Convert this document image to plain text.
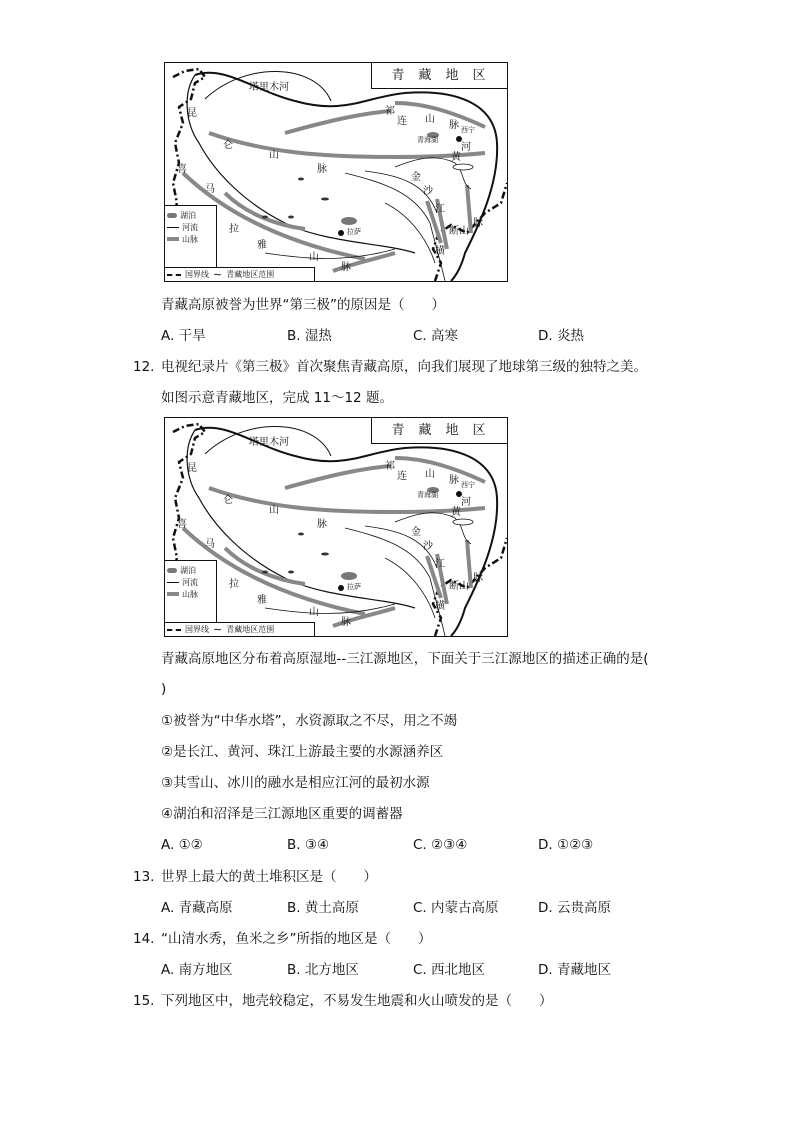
青藏地区
塔里木河
祁
连 山
脉
青海湖
西宁
河
黄
昆
仑
山
脉
喜
马
拉
雅
山
脉
金
沙
江
拉萨
横
断山
脉
湖泊
河流
山脉
国界线 ∼ 青藏地区范围
青藏高原被誉为世界“第三极”的原因是（　　）
A. 干旱	B. 湿热	C. 高寒	D. 炎热
12. 电视纪录片《第三极》首次聚焦青藏高原，向我们展现了地球第三级的独特之美。
如图示意青藏地区，完成 11～12 题。
青藏地区
塔里木河
祁
连 山
脉
青海湖
西宁
河
黄
昆
仑
山
脉
喜
马
拉
雅
山
脉
金
沙
江
拉萨
横
断山
脉
湖泊
河流
山脉
国界线 ∼ 青藏地区范围
青藏高原地区分布着高原湿地--三江源地区，下面关于三江源地区的描述正确的是(
)
①被誉为“中华水塔”，水资源取之不尽，用之不竭
②是长江、黄河、珠江上游最主要的水源涵养区
③其雪山、冰川的融水是相应江河的最初水源
④湖泊和沼泽是三江源地区重要的调蓄器
A. ①②	B. ③④	C. ②③④	D. ①②③
13. 世界上最大的黄土堆积区是（　　）
A. 青藏高原	B. 黄土高原	C. 内蒙古高原	D. 云贵高原
14. “山清水秀，鱼米之乡”所指的地区是（　　）
A. 南方地区	B. 北方地区	C. 西北地区	D. 青藏地区
15. 下列地区中，地壳较稳定，不易发生地震和火山喷发的是（　　）
